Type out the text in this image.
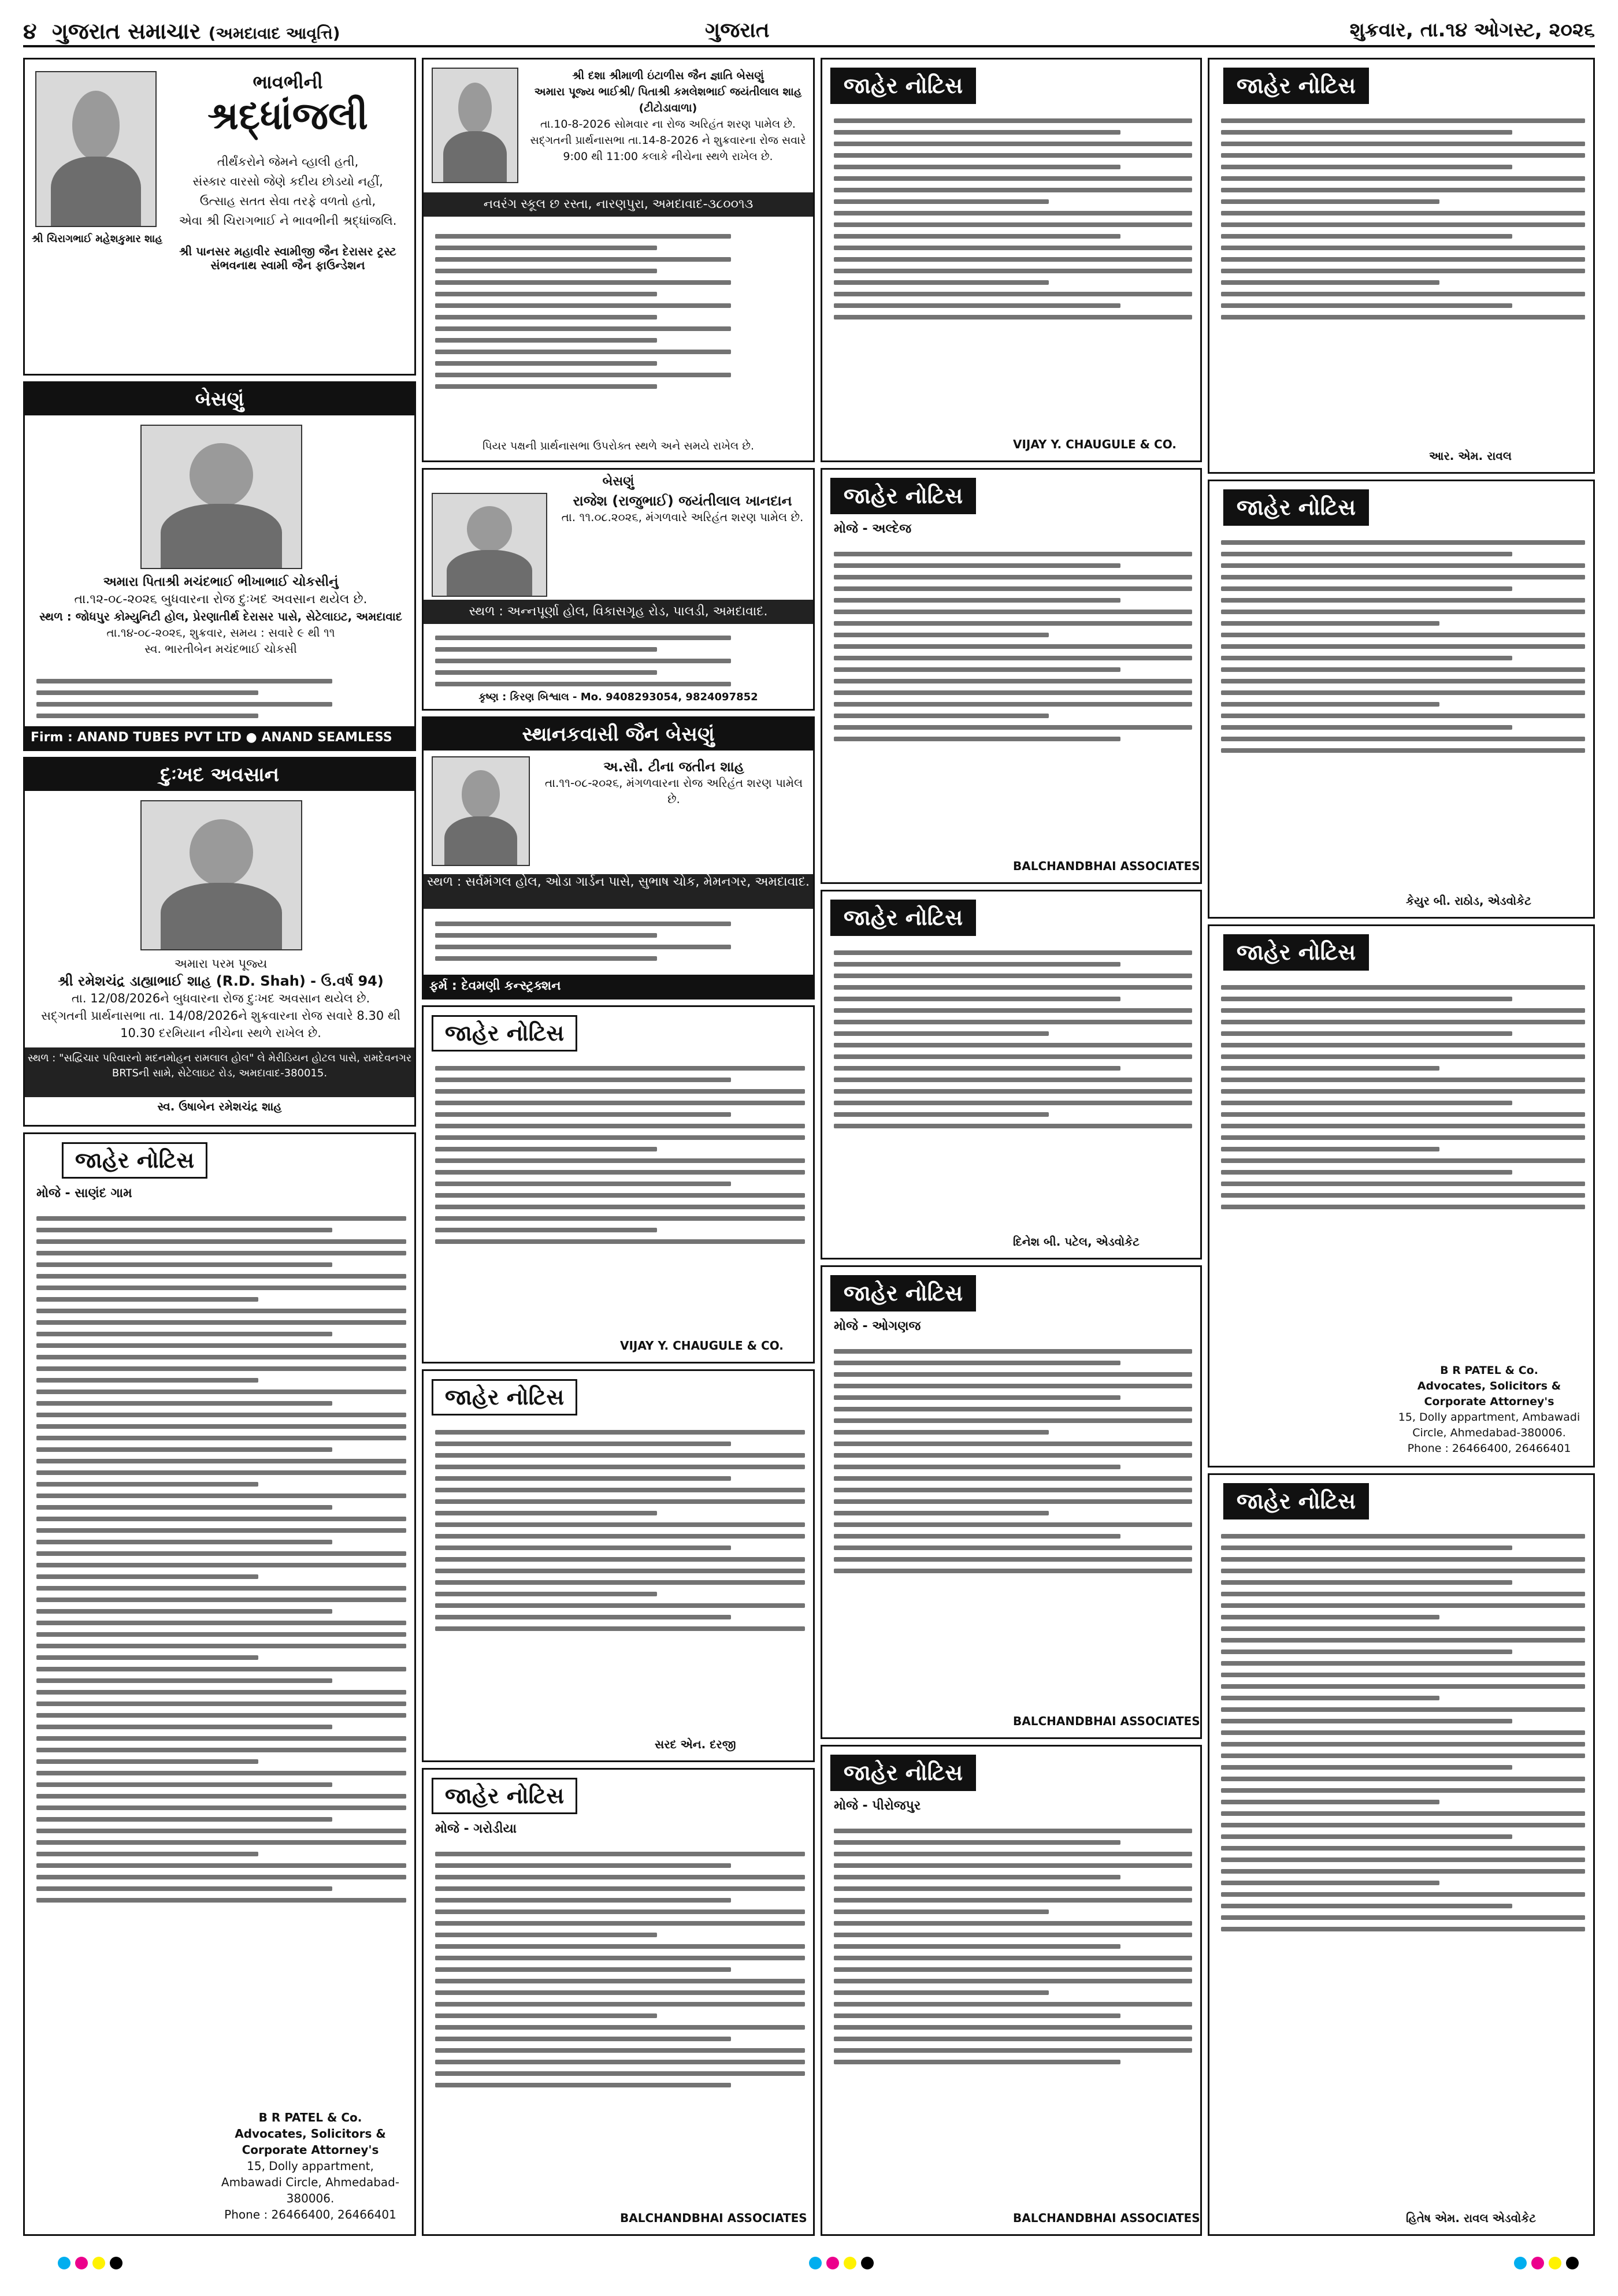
૪ ગુજરાત સમાચાર (અમદાવાદ આવૃત્તિ)	ગુજરાત	શુક્રવાર, તા.૧૪ ઓગસ્ટ, ૨૦૨૬
ભાવભીની
શ્રદ્ધાંજલી
તીર્થંકરોને જેમને વ્હાલી હતી,
સંસ્કાર વારસો જેણે કદીય છોડયો નહીં,
ઉત્સાહ સતત સેવા તરફે વળતો હતો,
એવા શ્રી ચિરાગભાઈ ને ભાવભીની શ્રદ્ધાંજલિ.
શ્રી ચિરાગભાઈ મહેશકુમાર શાહ
શ્રી પાનસર મહાવીર સ્વામીજી જૈન દેરાસર ટ્રસ્ટ સંભવનાથ સ્વામી જૈન ફાઉન્ડેશન
બેસણું
અમારા પિતાશ્રી મચંદભાઈ ભીખાભાઈ ચોકસીનું
તા.૧૨-૦૮-૨૦૨૬ બુધવારના રોજ દુઃખદ અવસાન થયેલ છે.
સ્થળ : જોધપુર કોમ્યુનિટી હોલ, પ્રેરણાતીર્થ દેરાસર પાસે, સેટેલાઇટ, અમદાવાદ
તા.૧૪-૦૮-૨૦૨૬, શુક્રવાર, સમય : સવારે ૯ થી ૧૧
સ્વ. ભારતીબેન મચંદભાઈ ચોકસી
Firm : ANAND TUBES PVT LTD ● ANAND SEAMLESS
દુઃખદ અવસાન
અમારા પરમ પૂજ્ય
શ્રી રમેશચંદ્ર ડાહ્યાભાઈ શાહ (R.D. Shah) - ઉ.વર્ષ 94)
તા. 12/08/2026ને બુધવારના રોજ દુઃખદ અવસાન થયેલ છે.
સદ્ગતની પ્રાર્થનાસભા તા. 14/08/2026ને શુક્રવારના રોજ સવારે 8.30 થી 10.30 દરમિયાન નીચેના સ્થળે રાખેલ છે.
સ્થળ : "સદ્વિચાર પરિવારનો મદનમોહન રામલાલ હોલ" લે મેરીડિયન હોટલ પાસે, રામદેવનગર BRTSની સામે, સેટેલાઇટ રોડ, અમદાવાદ-380015.
સ્વ. ઉષાબેન રમેશચંદ્ર શાહ
જાહેર નોટિસ
મોજે - સાણંદ ગામ
B R PATEL & Co.
Advocates, Solicitors & Corporate Attorney's
15, Dolly appartment, Ambawadi Circle, Ahmedabad-380006.
Phone : 26466400, 26466401
શ્રી દશા શ્રીમાળી ઇંટાળીસ જૈન જ્ઞાતિ બેસણું
અમારા પૂજ્ય ભાઈશ્રી/ પિતાશ્રી કમલેશભાઈ જયંતીલાલ શાહ (ટીટોડાવાળા)
તા.10-8-2026 સોમવાર ના રોજ અરિહંત શરણ પામેલ છે.
સદ્ગતની પ્રાર્થનાસભા તા.14-8-2026 ને શુક્રવારના રોજ સવારે 9:00 થી 11:00 કલાકે નીચેના સ્થળે રાખેલ છે.
નવરંગ સ્કૂલ છ રસ્તા, નારણપુરા, અમદાવાદ-૩૮૦૦૧૩
પિયર પક્ષની પ્રાર્થનાસભા ઉપરોક્ત સ્થળે અને સમયે રાખેલ છે.
બેસણું
રાજેશ (રાજુભાઈ) જયંતીલાલ ખાનદાન
તા. ૧૧.૦૮.૨૦૨૬, મંગળવારે અરિહંત શરણ પામેલ છે.
સ્થળ : અન્નપૂર્ણા હોલ, વિકાસગૃહ રોડ, પાલડી, અમદાવાદ.
કૃષ્ણ : કિરણ બિશ્વાલ - Mo. 9408293054, 9824097852
સ્થાનકવાસી જૈન બેસણું
અ.સૌ. ટીના જતીન શાહ
તા.૧૧-૦૮-૨૦૨૬, મંગળવારના રોજ અરિહંત શરણ પામેલ છે.
સ્થળ : સર્વમંગલ હોલ, ઓડા ગાર્ડન પાસે, સુભાષ ચોક, મેમનગર, અમદાવાદ.
ફર્મ : દેવમણી કન્સ્ટ્રક્શન
જાહેર નોટિસ
VIJAY Y. CHAUGULE & CO.
જાહેર નોટિસ
સરદ એન. દરજી
જાહેર નોટિસ
મોજે - ગરોડીયા
BALCHANDBHAI ASSOCIATES
જાહેર નોટિસ
VIJAY Y. CHAUGULE & CO.
જાહેર નોટિસ
મોજે - અલ્દેજ
BALCHANDBHAI ASSOCIATES
જાહેર નોટિસ
દિનેશ બી. પટેલ, એડવોકેટ
જાહેર નોટિસ
મોજે - ઓગણજ
BALCHANDBHAI ASSOCIATES
જાહેર નોટિસ
મોજે - પીરોજપુર
BALCHANDBHAI ASSOCIATES
જાહેર નોટિસ
આર. એમ. રાવલ
જાહેર નોટિસ
કેયુર બી. રાઠોડ, એડવોકેટ
જાહેર નોટિસ
B R PATEL & Co.
Advocates, Solicitors & Corporate Attorney's
15, Dolly appartment, Ambawadi Circle, Ahmedabad-380006.
Phone : 26466400, 26466401
જાહેર નોટિસ
હિતેષ એમ. રાવલ એડવોકેટ
